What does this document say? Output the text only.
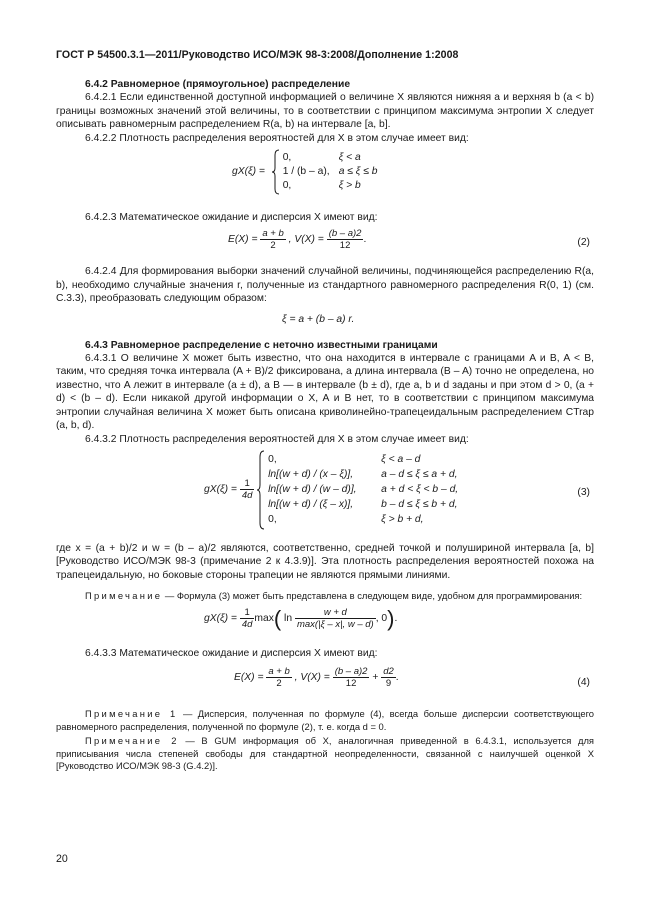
ГОСТ Р 54500.3.1—2011/Руководство ИСО/МЭК 98-3:2008/Дополнение 1:2008
6.4.2 Равномерное (прямоугольное) распределение

6.4.2.1 Если единственной доступной информацией о величине X являются нижняя a и верхняя b (a < b) границы возможных значений этой величины, то в соответствии с принципом максимума энтропии X следует описывать равномерным распределением R(a, b) на интервале [a, b].

6.4.2.2 Плотность распределения вероятностей для X в этом случае имеет вид:

gX(ξ) =
0,	ξ < a
1 / (b – a), a ≤ ξ ≤ b
0,	ξ > b

6.4.2.3 Математическое ожидание и дисперсия X имеют вид:

$E(X) = \frac{a + b}{2}$ , $V(X) = \frac{(b - a)2}{12}$ .	(2)

6.4.2.4 Для формирования выборки значений случайной величины, подчиняющейся распределению R(a, b), необходимо случайные значения r, полученные из стандартного равномерного распределения R(0, 1) (см. С.3.3), преобразовать следующим образом:

ξ = a + (b – a) r.
6.4.3 Равномерное распределение с неточно известными границами

6.4.3.1 О величине X может быть известно, что она находится в интервале с границами A и B, A < B, таким, что средняя точка интервала (A + B)/2 фиксирована, а длина интервала (B – A) точно не определена, но известно, что A лежит в интервале (a ± d), а B — в интервале (b ± d), где a, b и d заданы и при этом d > 0, (a + d) < (b – d). Если никакой другой информации о X, A и B нет, то в соответствии с принципом максимума энтропии случайная величина X может быть описана криволинейно-трапецеидальным распределением CTrap (a, b, d).

6.4.3.2 Плотность распределения вероятностей для X в этом случае имеет вид:

$gX(\xi) = \frac{1}{4d}$

0,	ξ < a – d
ln[(w + d) / (x – ξ)],	a – d ≤ ξ ≤ a + d,
ln[(w + d) / (w – d)], a + d < ξ < b – d,
ln[(w + d) / (ξ – x)],	b – d ≤ ξ ≤ b + d,
0,	ξ > b + d,
(3)

где x = (a + b)/2 и w = (b – a)/2 являются, соответственно, средней точкой и полушириной интервала [a, b] [Руководство ИСО/МЭК 98-3 (примечание 2 к 4.3.9)]. Эта плотность распределения вероятностей похожа на трапецеидальную, но боковые стороны трапеции не являются прямыми линиями.

Примечание — Формула (3) может быть представлена в следующем виде, удобном для программирования:

$gX(\xi) = \frac{1}{4d} \max$( $\ln \frac{w + d}{\max(|\xi - x|, w - d)}$ , 0).

6.4.3.3 Математическое ожидание и дисперсия X имеют вид:

$E(X) = \frac{a + b}{2}$ , $V(X) = \frac{(b - a)2}{12} + \frac{d2}{9}$ .	(4)

Примечание 1 — Дисперсия, полученная по формуле (4), всегда больше дисперсии соответствующего равномерного распределения, полученной по формуле (2), т. е. когда d = 0.

Примечание 2 — В GUM информация об X, аналогичная приведенной в 6.4.3.1, используется для приписывания числа степеней свободы для стандартной неопределенности, связанной с наилучшей оценкой X [Руководство ИСО/МЭК 98-3 (G.4.2)].

20
